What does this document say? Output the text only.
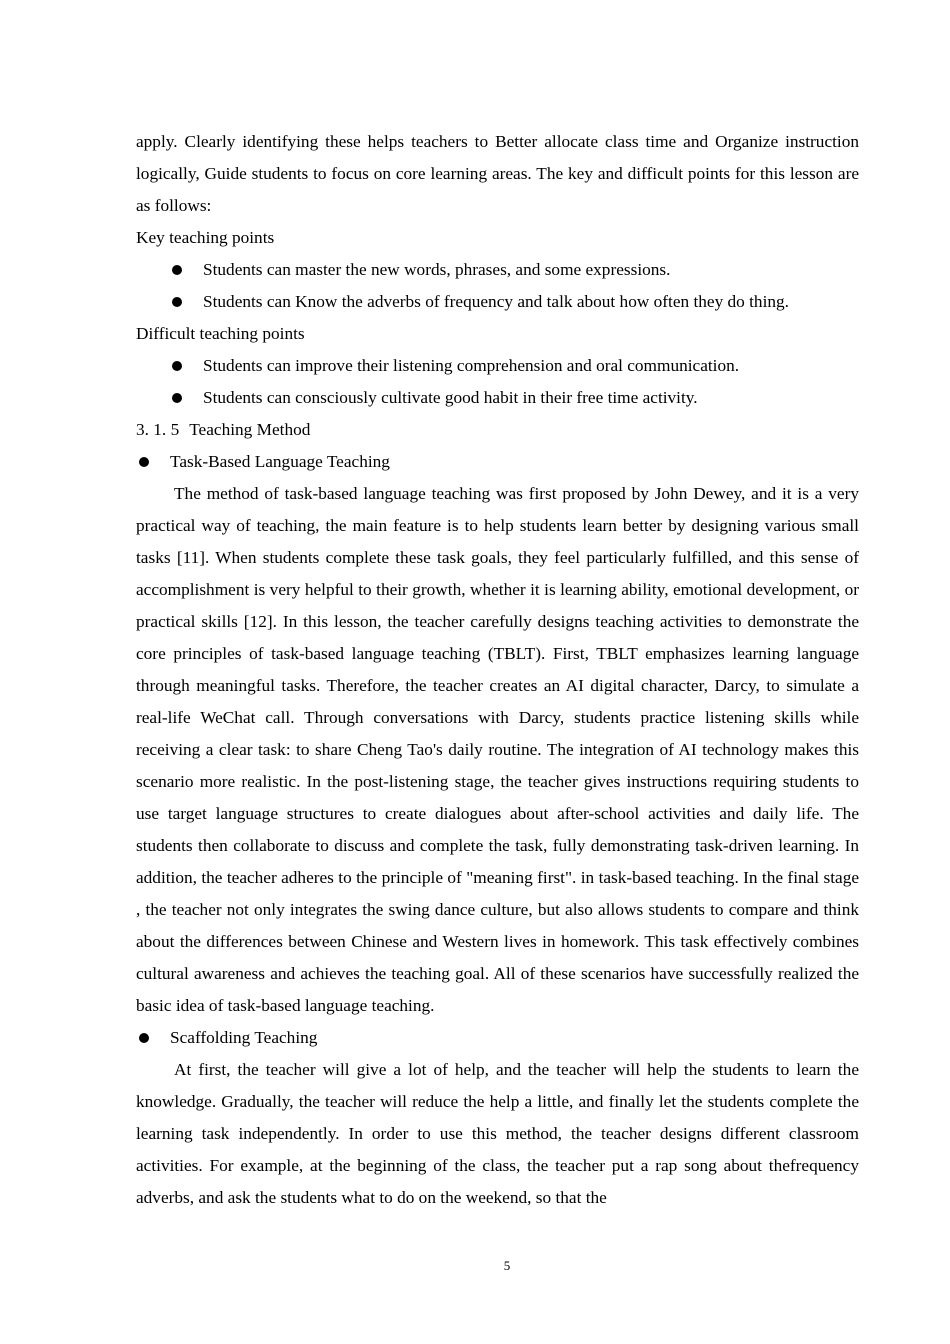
apply. Clearly identifying these helps teachers to Better allocate class time and Organize instruction logically, Guide students to focus on core learning areas. The key and difficult points for this lesson are as follows:

Key teaching points
Students can master the new words, phrases, and some expressions.
Students can Know the adverbs of frequency and talk about how often they do thing.
Difficult teaching points
Students can improve their listening comprehension and oral communication.
Students can consciously cultivate good habit in their free time activity.
3. 1. 5 Teaching Method
Task-Based Language Teaching

The method of task-based language teaching was first proposed by John Dewey, and it is a very practical way of teaching, the main feature is to help students learn better by designing various small tasks [11]. When students complete these task goals, they feel particularly fulfilled, and this sense of accomplishment is very helpful to their growth, whether it is learning ability, emotional development, or practical skills [12]. In this lesson, the teacher carefully designs teaching activities to demonstrate the core principles of task-based language teaching (TBLT). First, TBLT emphasizes learning language through meaningful tasks. Therefore, the teacher creates an AI digital character, Darcy, to simulate a real-life WeChat call. Through conversations with Darcy, students practice listening skills while receiving a clear task: to share Cheng Tao's daily routine. The integration of AI technology makes this scenario more realistic. In the post-listening stage, the teacher gives instructions requiring students to use target language structures to create dialogues about after-school activities and daily life. The students then collaborate to discuss and complete the task, fully demonstrating task-driven learning. In addition, the teacher adheres to the principle of "meaning first". in task-based teaching. In the final stage , the teacher not only integrates the swing dance culture, but also allows students to compare and think about the differences between Chinese and Western lives in homework. This task effectively combines cultural awareness and achieves the teaching goal. All of these scenarios have successfully realized the basic idea of task-based language teaching.

Scaffolding Teaching

At first, the teacher will give a lot of help, and the teacher will help the students to learn the knowledge. Gradually, the teacher will reduce the help a little, and finally let the students complete the learning task independently. In order to use this method, the teacher designs different classroom activities. For example, at the beginning of the class, the teacher put a rap song about thefrequency adverbs, and ask the students what to do on the weekend, so that the

5
